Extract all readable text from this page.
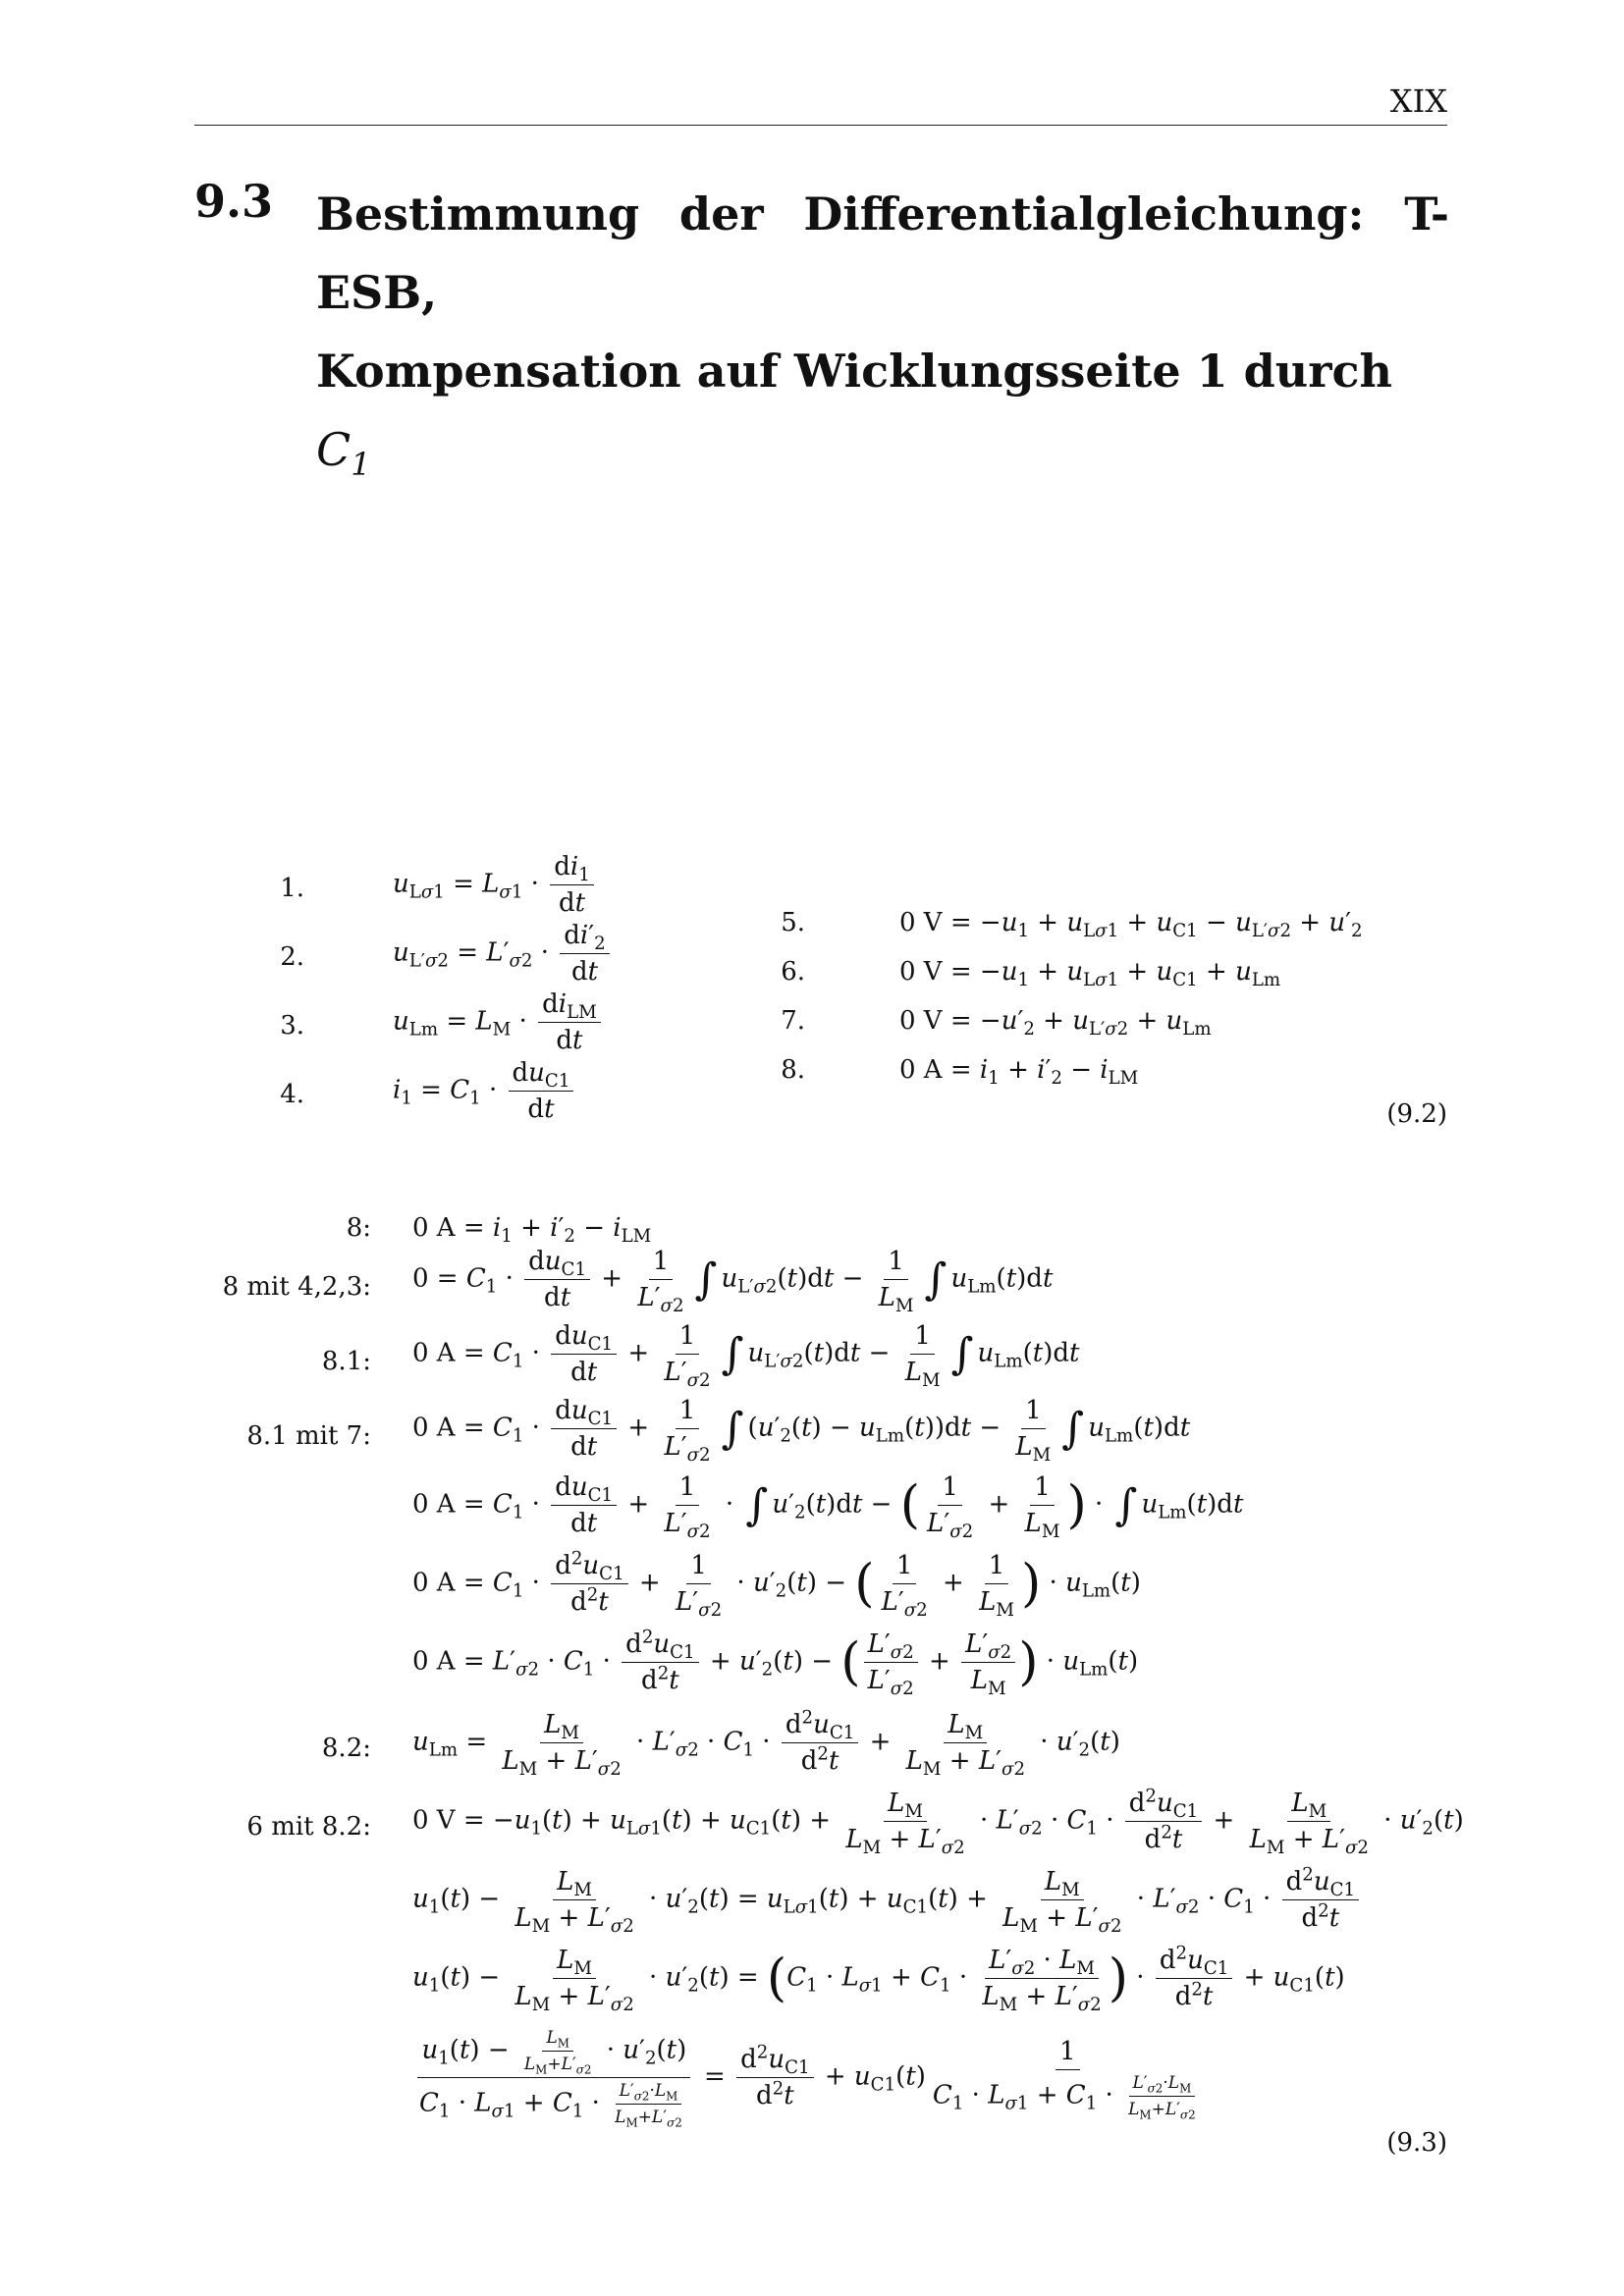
XIX
9.3 Bestimmung der Differentialgleichung: T-ESB,
Kompensation auf Wicklungsseite 1 durch $C_1$
1.	$u_{L\sigma 1} = L_{\sigma 1} \cdot \frac{di_1}{dt}$
2.	$u_{L'\sigma 2} = L'_{\sigma 2} \cdot \frac{di'_2}{dt}$
3.	$u_{Lm} = L_M \cdot \frac{di_{LM}}{dt}$
4.	$i_1 = C_1 \cdot \frac{du_{C1}}{dt}$
5.	0 $V = -u_1 + u_{L\sigma 1} + u_{C1} - u_{L'\sigma 2} + u'_2$
6.	0 $V = -u_1 + u_{L\sigma 1} + u_{C1} + u_{Lm}$
7.	0 $V = -u'_2 + u_{L'\sigma 2} + u_{Lm}$
8.	0 $A = i_1 + i'_2 - i_{LM}$
(9.2)
8: 0 $A = i_1 + i'_2 - i_{LM}$
8 mit 4,2,3: $0 = C_1 \cdot \frac{du_{C1}}{dt} + \frac{1}{L'_{\sigma 2}}$ ∫ $u_{L'\sigma 2}(t)dt - \frac{1}{L_M}$ ∫ $u_{Lm}(t)dt$
8.1: 0 $A = C_1 \cdot \frac{du_{C1}}{dt} + \frac{1}{L'_{\sigma 2}}$ ∫ $u_{L'\sigma 2}(t)dt - \frac{1}{L_M}$ ∫ $u_{Lm}(t)dt$
8.1 mit 7: 0 $A = C_1 \cdot \frac{du_{C1}}{dt} + \frac{1}{L'_{\sigma 2}}$ ∫ $(u'_2(t) - u_{Lm}(t))dt - \frac{1}{L_M}$ ∫ $u_{Lm}(t)dt$
0 $A = C_1 \cdot \frac{du_{C1}}{dt} + \frac{1}{L'_{\sigma 2}}$ · ∫ $u'_2(t)dt$ − ( $\frac{1}{L'_{\sigma 2}} + \frac{1}{L_M}$ ) · ∫ $u_{Lm}(t)dt$
0 $A = C_1 \cdot \frac{d^2u_{C1}}{d^2t} + \frac{1}{L'_{\sigma 2}} \cdot u'_2(t)$ − ( $\frac{1}{L'_{\sigma 2}} + \frac{1}{L_M}$ ) · $u_{Lm}(t)$
0 $A = L'_{\sigma 2} \cdot C_1 \cdot \frac{d^2u_{C1}}{d^2t} + u'_2(t)$ − ( $\frac{L'_{\sigma 2}}{L'_{\sigma 2}} + \frac{L'_{\sigma 2}}{L_M}$ ) · $u_{Lm}(t)$
8.2: $u_{Lm} = \frac{L_M}{L_M + L'_{\sigma 2}} \cdot L'_{\sigma 2} \cdot C_1 \cdot \frac{d^2u_{C1}}{d^2t} + \frac{L_M}{L_M + L'_{\sigma 2}} \cdot u'_2(t)$
6 mit 8.2: 0 $V = -u_1(t) + u_{L\sigma 1}(t) + u_{C1}(t) + \frac{L_M}{L_M + L'_{\sigma 2}} \cdot L'_{\sigma 2} \cdot C_1 \cdot \frac{d^2u_{C1}}{d^2t} + \frac{L_M}{L_M + L'_{\sigma 2}} \cdot u'_2(t)$
$u_1(t) - \frac{L_M}{L_M + L'_{\sigma 2}} \cdot u'_2(t) = u_{L\sigma 1}(t) + u_{C1}(t) + \frac{L_M}{L_M + L'_{\sigma 2}} \cdot L'_{\sigma 2} \cdot C_1 \cdot \frac{d^2u_{C1}}{d^2t}$
$u_1(t) - \frac{L_M}{L_M + L'_{\sigma 2}} \cdot u'_2(t) = (C_1 \cdot L_{\sigma 1} + C_1 \cdot \frac{L'_{\sigma 2} \cdot L_M}{L_M + L'_{\sigma 2}}$ ) · $\frac{d^2u_{C1}}{d^2t} + u_{C1}(t)$
$\frac{u_1(t) - \frac{L_M}{L_M+L'_{\sigma 2}} \cdot u'_2(t)}{C_1 \cdot L_{\sigma 1} + C_1 \cdot \frac{L'_{\sigma 2}\cdot L_M}{L_M+L'_{\sigma 2}}} = \frac{d^2u_{C1}}{d^2t} + u_{C1}(t) \frac{1}{C_1 \cdot L_{\sigma 1} + C_1 \cdot \frac{L'_{\sigma 2}\cdot L_M}{L_M+L'_{\sigma 2}}}$
(9.3)
